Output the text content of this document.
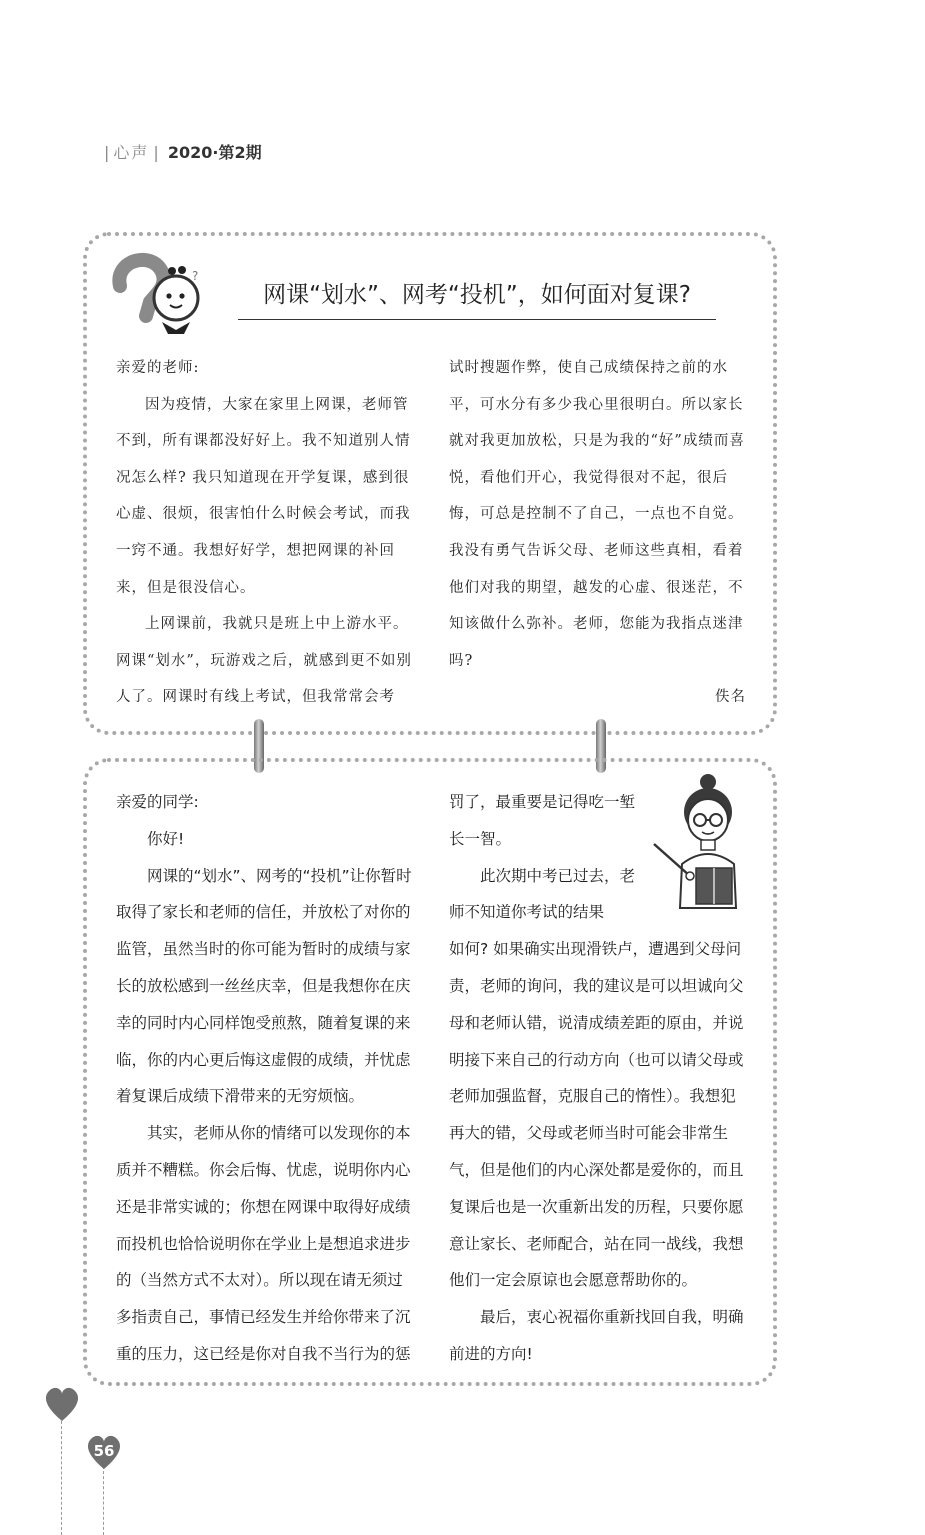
| 心声 | 2020·第2期
?
网课“划水”、网考“投机”，如何面对复课?

亲爱的老师:

因为疫情，大家在家里上网课，老师管不到，所有课都没好好上。我不知道别人情况怎么样? 我只知道现在开学复课，感到很心虚、很烦，很害怕什么时候会考试，而我一窍不通。我想好好学，想把网课的补回来，但是很没信心。

上网课前，我就只是班上中上游水平。网课“划水”，玩游戏之后，就感到更不如别人了。网课时有线上考试，但我常常会考

试时搜题作弊，使自己成绩保持之前的水平，可水分有多少我心里很明白。所以家长就对我更加放松，只是为我的“好”成绩而喜悦，看他们开心，我觉得很对不起，很后悔，可总是控制不了自己，一点也不自觉。我没有勇气告诉父母、老师这些真相，看着他们对我的期望，越发的心虚、很迷茫，不知该做什么弥补。老师，您能为我指点迷津吗?

佚名

亲爱的同学:

你好!

网课的“划水”、网考的“投机”让你暂时取得了家长和老师的信任，并放松了对你的监管，虽然当时的你可能为暂时的成绩与家长的放松感到一丝丝庆幸，但是我想你在庆幸的同时内心同样饱受煎熬，随着复课的来临，你的内心更后悔这虚假的成绩，并忧虑着复课后成绩下滑带来的无穷烦恼。

其实，老师从你的情绪可以发现你的本质并不糟糕。你会后悔、忧虑，说明你内心还是非常实诚的；你想在网课中取得好成绩而投机也恰恰说明你在学业上是想追求进步的（当然方式不太对）。所以现在请无须过多指责自己，事情已经发生并给你带来了沉重的压力，这已经是你对自我不当行为的惩

罚了，最重要是记得吃一堑长一智。

此次期中考已过去，老师不知道你考试的结果

如何? 如果确实出现滑铁卢，遭遇到父母问责，老师的询问，我的建议是可以坦诚向父母和老师认错，说清成绩差距的原由，并说明接下来自己的行动方向（也可以请父母或老师加强监督，克服自己的惰性）。我想犯再大的错，父母或老师当时可能会非常生气，但是他们的内心深处都是爱你的，而且复课后也是一次重新出发的历程，只要你愿意让家长、老师配合，站在同一战线，我想他们一定会原谅也会愿意帮助你的。

最后，衷心祝福你重新找回自我，明确前进的方向!

56
